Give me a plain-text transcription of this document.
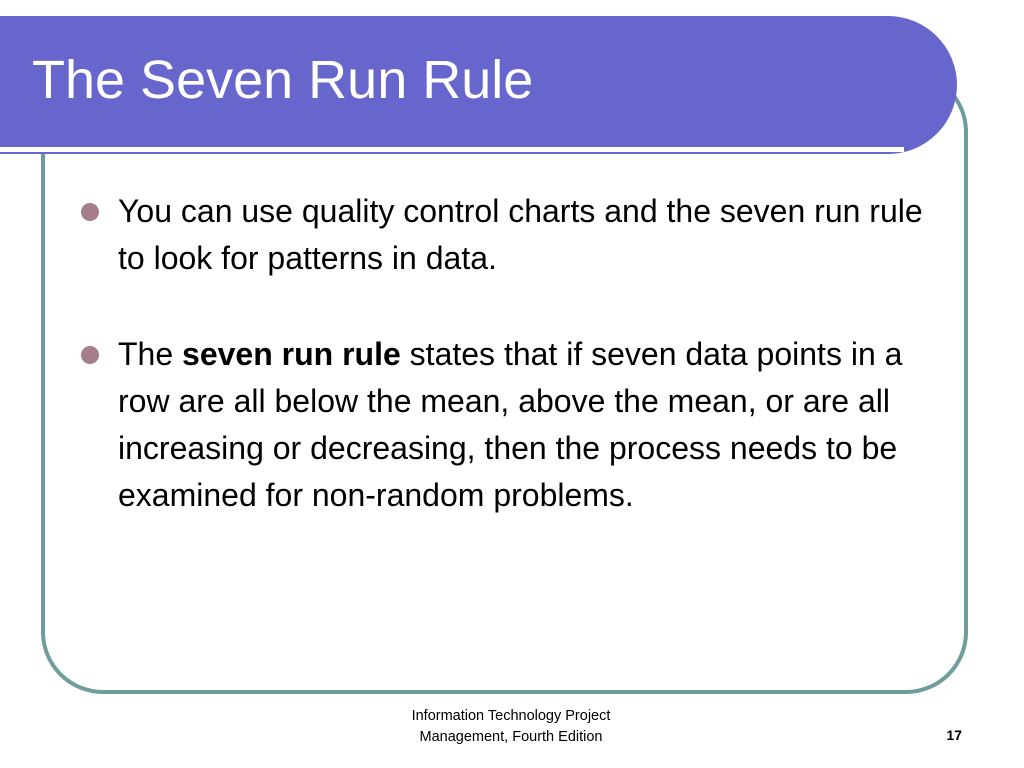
The Seven Run Rule
You can use quality control charts and the seven run rule to look for patterns in data.
The seven run rule states that if seven data points in a row are all below the mean, above the mean, or are all increasing or decreasing, then the process needs to be examined for non-random problems.
Information Technology Project
Management, Fourth Edition	17
